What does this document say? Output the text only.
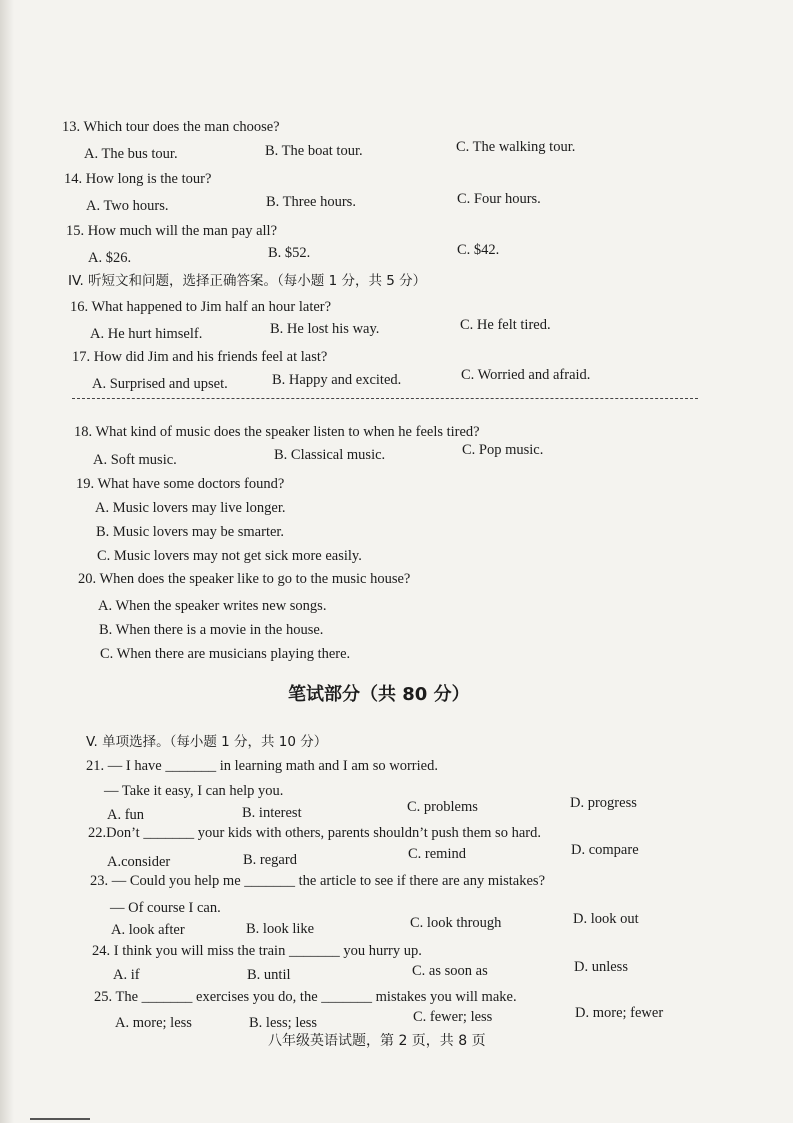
13. Which tour does the man choose?
A. The bus tour.	B. The boat tour.	C. The walking tour.
14. How long is the tour?
A. Two hours.	B. Three hours.	C. Four hours.
15. How much will the man pay all?
A. $26.	B. $52.	C. $42.
IV. 听短文和问题，选择正确答案。（每小题 1 分，共 5 分）
16. What happened to Jim half an hour later?
A. He hurt himself.	B. He lost his way.	C. He felt tired.
17. How did Jim and his friends feel at last?
A. Surprised and upset.	B. Happy and excited.	C. Worried and afraid.
18. What kind of music does the speaker listen to when he feels tired?
A. Soft music.	B. Classical music.	C. Pop music.
19. What have some doctors found?
A. Music lovers may live longer.
B. Music lovers may be smarter.
C. Music lovers may not get sick more easily.
20. When does the speaker like to go to the music house?
A. When the speaker writes new songs.
B. When there is a movie in the house.
C. When there are musicians playing there.
笔试部分（共 80 分）
V. 单项选择。（每小题 1 分，共 10 分）
21. — I have _______ in learning math and I am so worried.
— Take it easy, I can help you.
A. fun	B. interest	C. problems	D. progress
22.Don’t _______ your kids with others, parents shouldn’t push them so hard.
A.consider	B. regard	C. remind	D. compare
23. — Could you help me _______ the article to see if there are any mistakes?
— Of course I can.
A. look after	B. look like	C. look through	D. look out
24. I think you will miss the train _______ you hurry up.
A. if	B. until	C. as soon as	D. unless
25. The _______ exercises you do, the _______ mistakes you will make.
A. more; less	B. less; less	C. fewer; less	D. more; fewer
八年级英语试题，第 2 页，共 8 页
